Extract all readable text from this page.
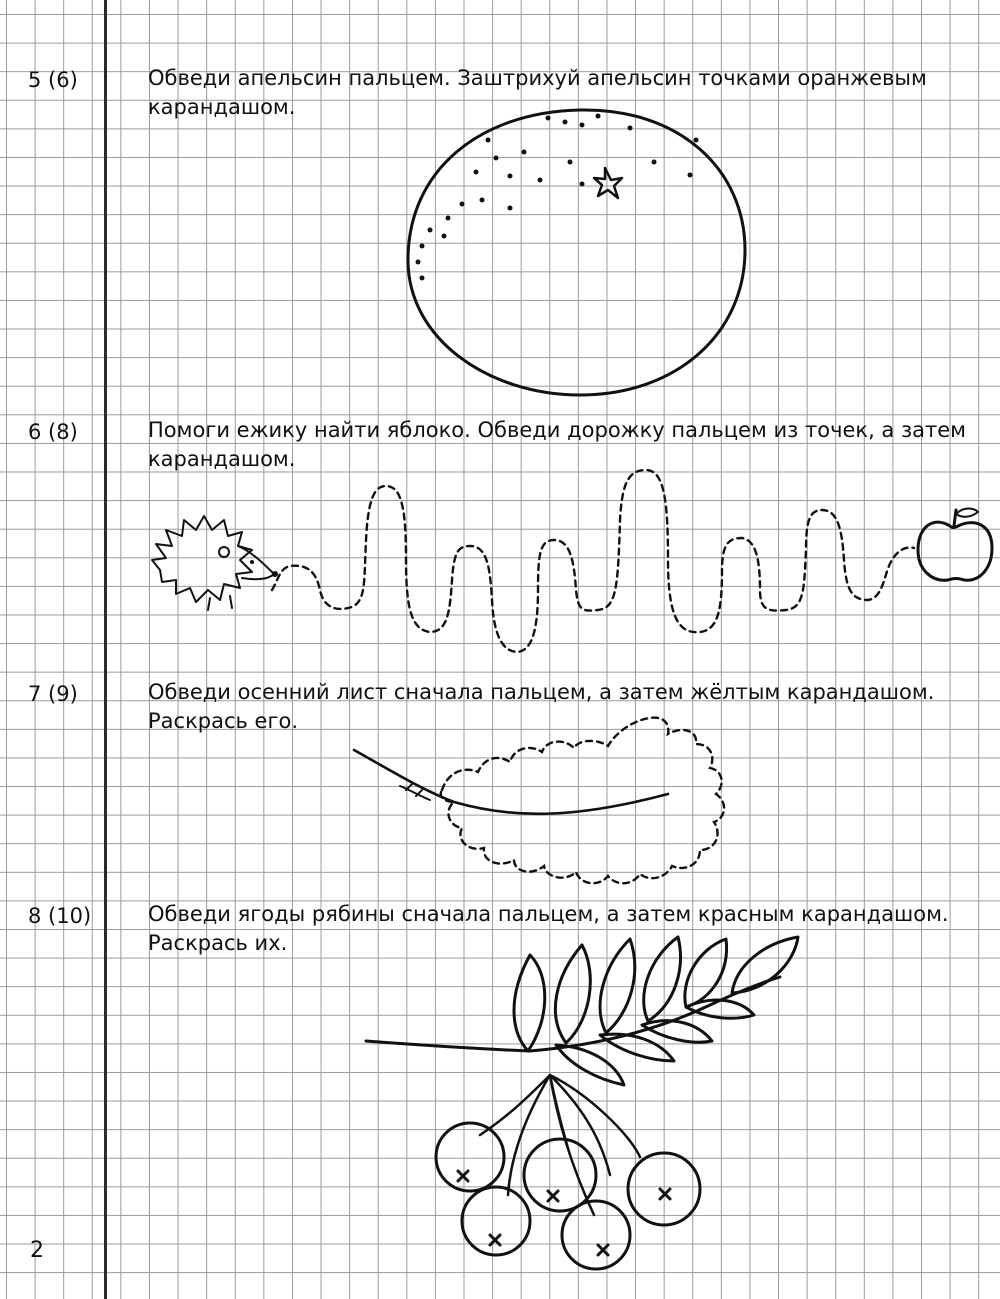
5 (6)	Обведи апельсин пальцем. Заштрихуй апельсин точками оранжевым карандашом.
6 (8)	Помоги ежику найти яблоко. Обведи дорожку пальцем из точек, а затем карандашом.
7 (9)	Обведи осенний лист сначала пальцем, а затем жёлтым карандашом. Раскрась его.
8 (10)	Обведи ягоды рябины сначала пальцем, а затем красным карандашом. Раскрась их.
2
